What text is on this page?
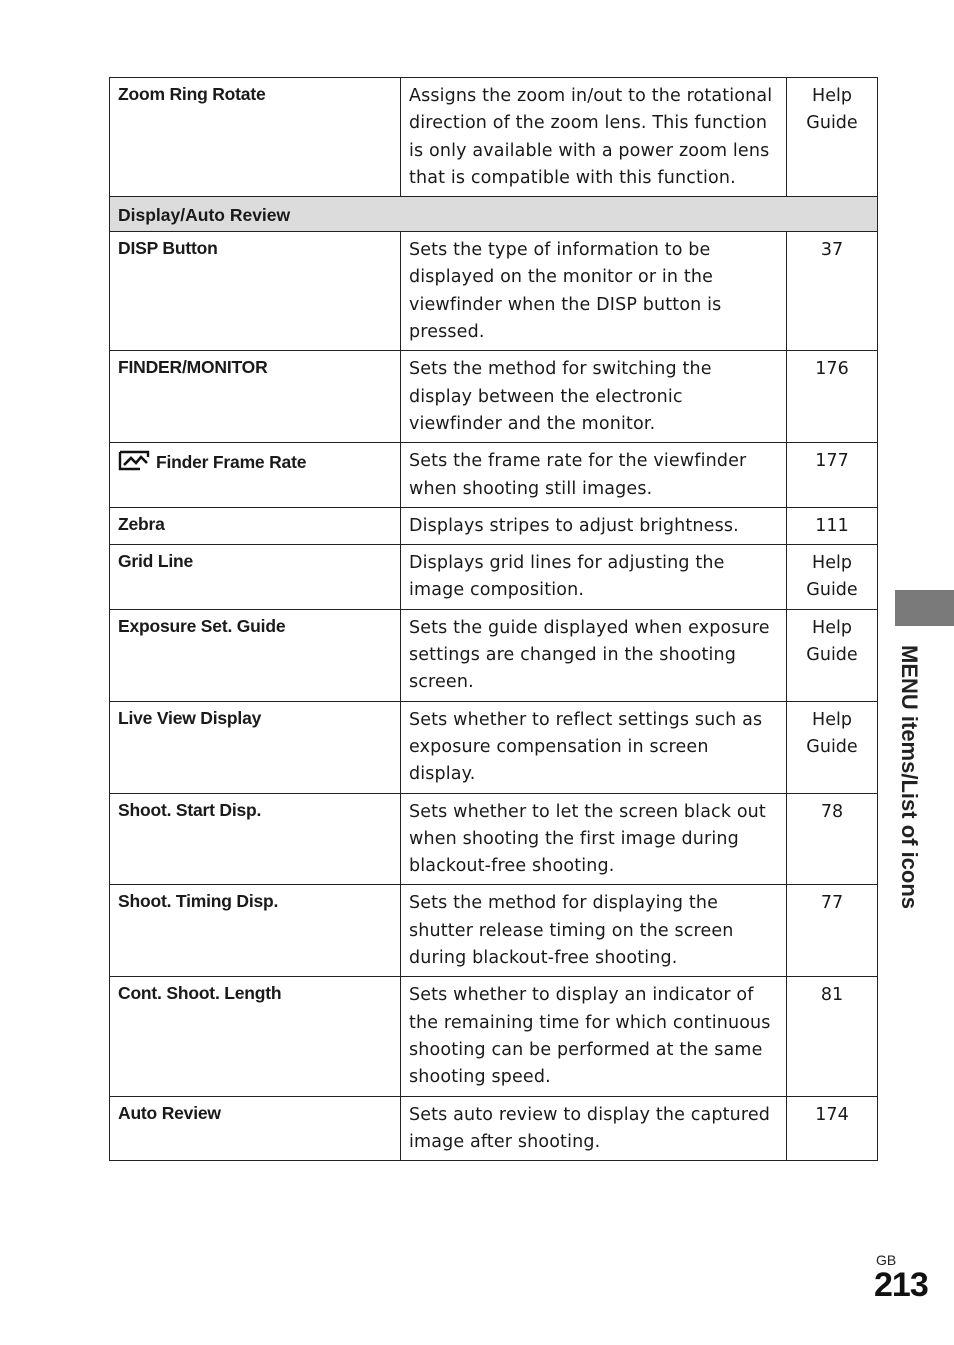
Zoom Ring Rotate	Assigns the zoom in/out to the rotational direction of the zoom lens. This function is only available with a power zoom lens that is compatible with this function.	Help Guide
Display/Auto Review		
DISP Button	Sets the type of information to be displayed on the monitor or in the viewfinder when the DISP button is pressed.	37
FINDER/MONITOR	Sets the method for switching the display between the electronic viewfinder and the monitor.	176
Finder Frame Rate	Sets the frame rate for the viewfinder when shooting still images.	177
Zebra	Displays stripes to adjust brightness.	111
Grid Line	Displays grid lines for adjusting the image composition.	Help Guide
Exposure Set. Guide	Sets the guide displayed when exposure settings are changed in the shooting screen.	Help Guide
Live View Display	Sets whether to reflect settings such as exposure compensation in screen display.	Help Guide
Shoot. Start Disp.	Sets whether to let the screen black out when shooting the first image during blackout-free shooting.	78
Shoot. Timing Disp.	Sets the method for displaying the shutter release timing on the screen during blackout-free shooting.	77
Cont. Shoot. Length	Sets whether to display an indicator of the remaining time for which continuous shooting can be performed at the same shooting speed.	81
Auto Review	Sets auto review to display the captured image after shooting.	174
MENU items/List of icons
GB
213
